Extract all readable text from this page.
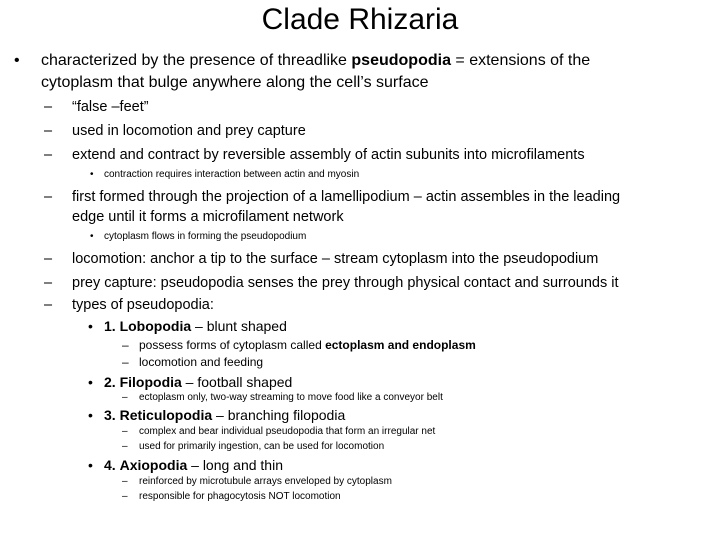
Clade Rhizaria
• characterized by the presence of threadlike pseudopodia = extensions of the
cytoplasm that bulge anywhere along the cell’s surface
– “false –feet”
– used in locomotion and prey capture
– extend and contract by reversible assembly of actin subunits into microfilaments
• contraction requires interaction between actin and myosin
– first formed through the projection of a lamellipodium – actin assembles in the leading
edge until it forms a microfilament network
• cytoplasm flows in forming the pseudopodium
– locomotion: anchor a tip to the surface – stream cytoplasm into the pseudopodium
– prey capture: pseudopodia senses the prey through physical contact and surrounds it
– types of pseudopodia:
• 1. Lobopodia – blunt shaped
– possess forms of cytoplasm called ectoplasm and endoplasm
– locomotion and feeding
• 2. Filopodia – football shaped
– ectoplasm only, two-way streaming to move food like a conveyor belt
• 3. Reticulopodia – branching filopodia
– complex and bear individual pseudopodia that form an irregular net
– used for primarily ingestion, can be used for locomotion
• 4. Axiopodia – long and thin
– reinforced by microtubule arrays enveloped by cytoplasm
– responsible for phagocytosis NOT locomotion
